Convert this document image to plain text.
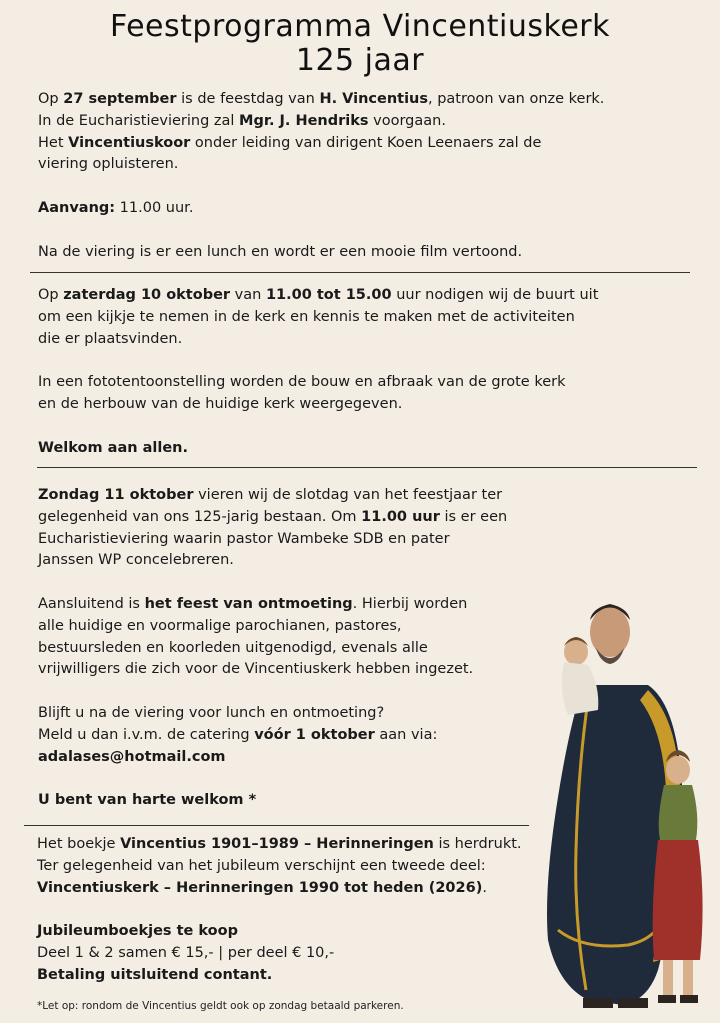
Feestprogramma Vincentiuskerk
125 jaar

Op 27 september is de feestdag van H. Vincentius, patroon van onze kerk.

In de Eucharistieviering zal Mgr. J. Hendriks voorgaan.

Het Vincentiuskoor onder leiding van dirigent Koen Leenaers zal de

viering opluisteren.

Aanvang: 11.00 uur.

Na de viering is er een lunch en wordt er een mooie film vertoond.

Op zaterdag 10 oktober van 11.00 tot 15.00 uur nodigen wij de buurt uit

om een kijkje te nemen in de kerk en kennis te maken met de activiteiten

die er plaatsvinden.

In een fototentoonstelling worden de bouw en afbraak van de grote kerk

en de herbouw van de huidige kerk weergegeven.

Welkom aan allen.

Zondag 11 oktober vieren wij de slotdag van het feestjaar ter

gelegenheid van ons 125-jarig bestaan. Om 11.00 uur is er een

Eucharistieviering waarin pastor Wambeke SDB en pater

Janssen WP concelebreren.

Aansluitend is het feest van ontmoeting. Hierbij worden

alle huidige en voormalige parochianen, pastores,

bestuursleden en koorleden uitgenodigd, evenals alle

vrijwilligers die zich voor de Vincentiuskerk hebben ingezet.

Blijft u na de viering voor lunch en ontmoeting?

Meld u dan i.v.m. de catering vóór 1 oktober aan via:

adalases@hotmail.com

U bent van harte welkom *

Het boekje Vincentius 1901–1989 – Herinneringen is herdrukt.

Ter gelegenheid van het jubileum verschijnt een tweede deel:

Vincentiuskerk – Herinneringen 1990 tot heden (2026).

Jubileumboekjes te koop

Deel 1 & 2 samen € 15,- | per deel € 10,-

Betaling uitsluitend contant.

*Let op: rondom de Vincentius geldt ook op zondag betaald parkeren.
